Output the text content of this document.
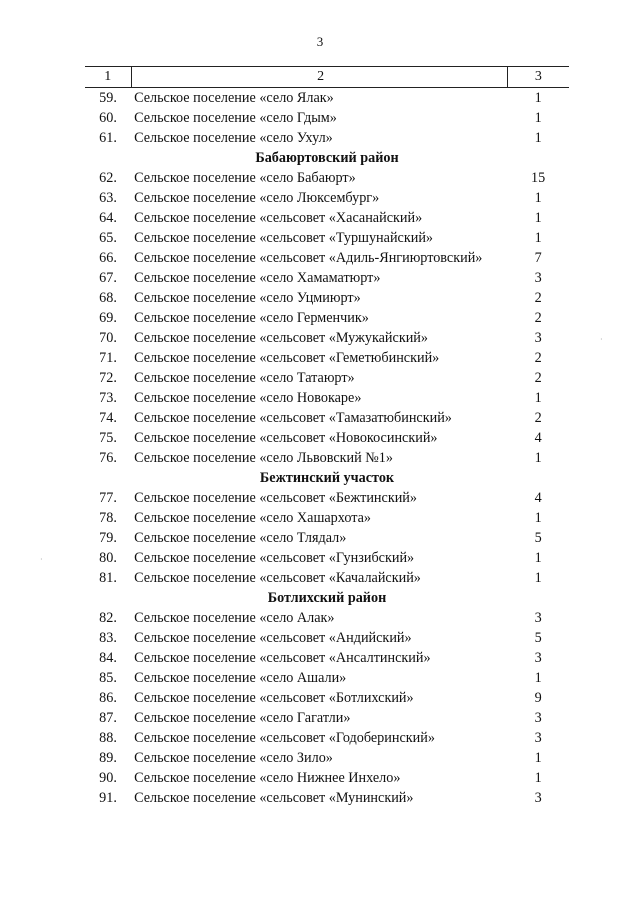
3
1	2	3
59.	Сельское поселение «село Ялак»	1
60.	Сельское поселение «село Гдым»	1
61.	Сельское поселение «село Ухул»	1
Бабаюртовский район		
62.	Сельское поселение «село Бабаюрт»	15
63.	Сельское поселение «село Люксембург»	1
64.	Сельское поселение «сельсовет «Хасанайский»	1
65.	Сельское поселение «сельсовет «Туршунайский»	1
66.	Сельское поселение «сельсовет «Адиль-Янгиюртовский»	7
67.	Сельское поселение «село Хамаматюрт»	3
68.	Сельское поселение «село Уцмиюрт»	2
69.	Сельское поселение «село Герменчик»	2
70.	Сельское поселение «сельсовет «Мужукайский»	3
71.	Сельское поселение «сельсовет «Геметюбинский»	2
72.	Сельское поселение «село Татаюрт»	2
73.	Сельское поселение «село Новокаре»	1
74.	Сельское поселение «сельсовет «Тамазатюбинский»	2
75.	Сельское поселение «сельсовет «Новокосинский»	4
76.	Сельское поселение «село Львовский №1»	1
Бежтинский участок		
77.	Сельское поселение «сельсовет «Бежтинский»	4
78.	Сельское поселение «село Хашархота»	1
79.	Сельское поселение «село Тлядал»	5
80.	Сельское поселение «сельсовет «Гунзибский»	1
81.	Сельское поселение «сельсовет «Качалайский»	1
Ботлихский район		
82.	Сельское поселение «село Алак»	3
83.	Сельское поселение «сельсовет «Андийский»	5
84.	Сельское поселение «сельсовет «Ансалтинский»	3
85.	Сельское поселение «село Ашали»	1
86.	Сельское поселение «сельсовет «Ботлихский»	9
87.	Сельское поселение «село Гагатли»	3
88.	Сельское поселение «сельсовет «Годоберинский»	3
89.	Сельское поселение «село Зило»	1
90.	Сельское поселение «село Нижнее Инхело»	1
91.	Сельское поселение «сельсовет «Мунинский»	3
·
·
